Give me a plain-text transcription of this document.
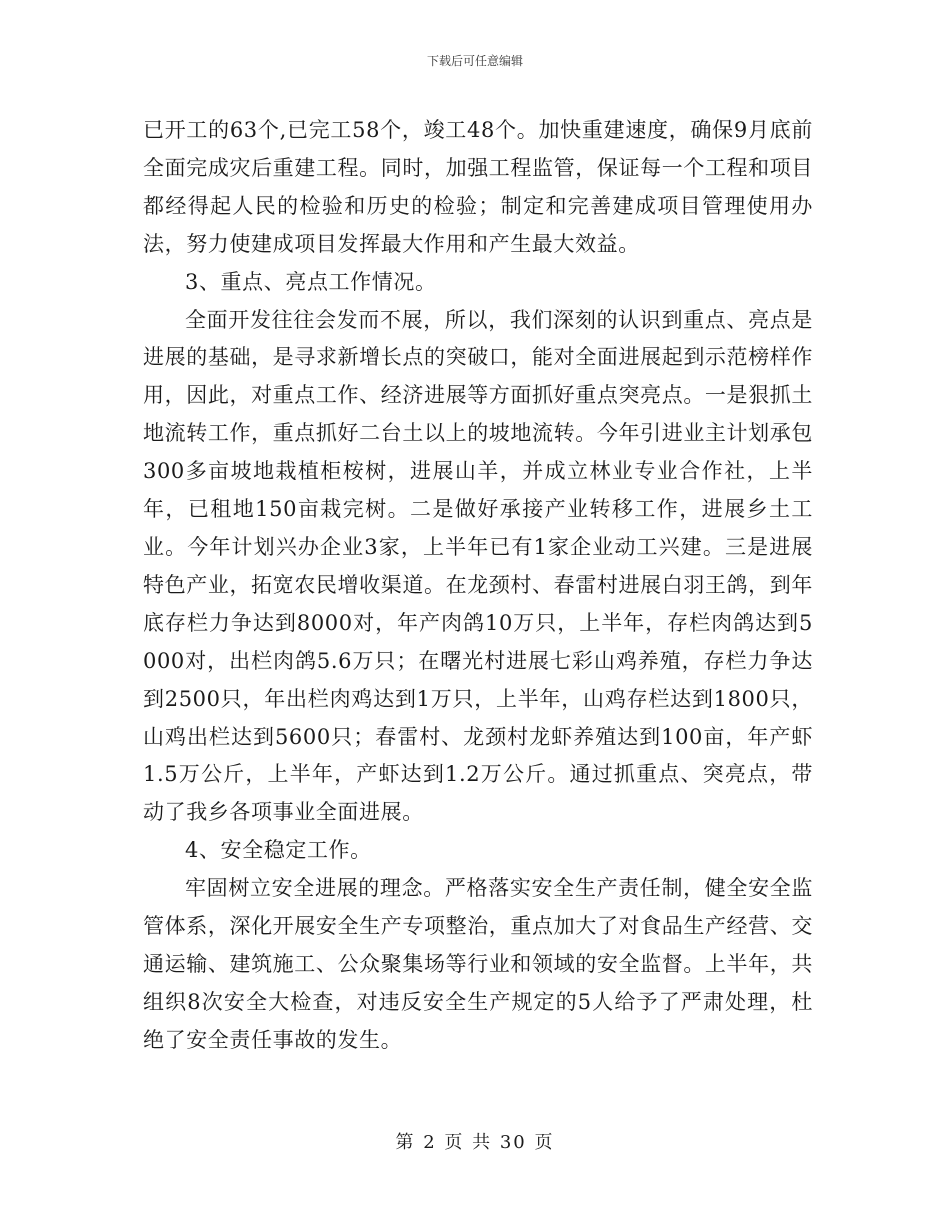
下载后可任意编辑

已开工的63个,已完工58个，竣工48个。加快重建速度，确保9月底前全面完成灾后重建工程。同时，加强工程监管，保证每一个工程和项目都经得起人民的检验和历史的检验；制定和完善建成项目管理使用办法，努力使建成项目发挥最大作用和产生最大效益。

3、重点、亮点工作情况。

全面开发往往会发而不展，所以，我们深刻的认识到重点、亮点是进展的基础，是寻求新增长点的突破口，能对全面进展起到示范榜样作用，因此，对重点工作、经济进展等方面抓好重点突亮点。一是狠抓土地流转工作，重点抓好二台土以上的坡地流转。今年引进业主计划承包300多亩坡地栽植柜桉树，进展山羊，并成立林业专业合作社，上半年，已租地150亩栽完树。二是做好承接产业转移工作，进展乡土工业。今年计划兴办企业3家，上半年已有1家企业动工兴建。三是进展特色产业，拓宽农民增收渠道。在龙颈村、春雷村进展白羽王鸽，到年底存栏力争达到8000对，年产肉鸽10万只，上半年，存栏肉鸽达到5000对，出栏肉鸽5.6万只；在曙光村进展七彩山鸡养殖，存栏力争达到2500只，年出栏肉鸡达到1万只，上半年，山鸡存栏达到1800只，山鸡出栏达到5600只；春雷村、龙颈村龙虾养殖达到100亩，年产虾1.5万公斤，上半年，产虾达到1.2万公斤。通过抓重点、突亮点，带动了我乡各项事业全面进展。

4、安全稳定工作。

牢固树立安全进展的理念。严格落实安全生产责任制，健全安全监管体系，深化开展安全生产专项整治，重点加大了对食品生产经营、交通运输、建筑施工、公众聚集场等行业和领域的安全监督。上半年，共组织8次安全大检查，对违反安全生产规定的5人给予了严肃处理，杜绝了安全责任事故的发生。

第 2 页 共 30 页
